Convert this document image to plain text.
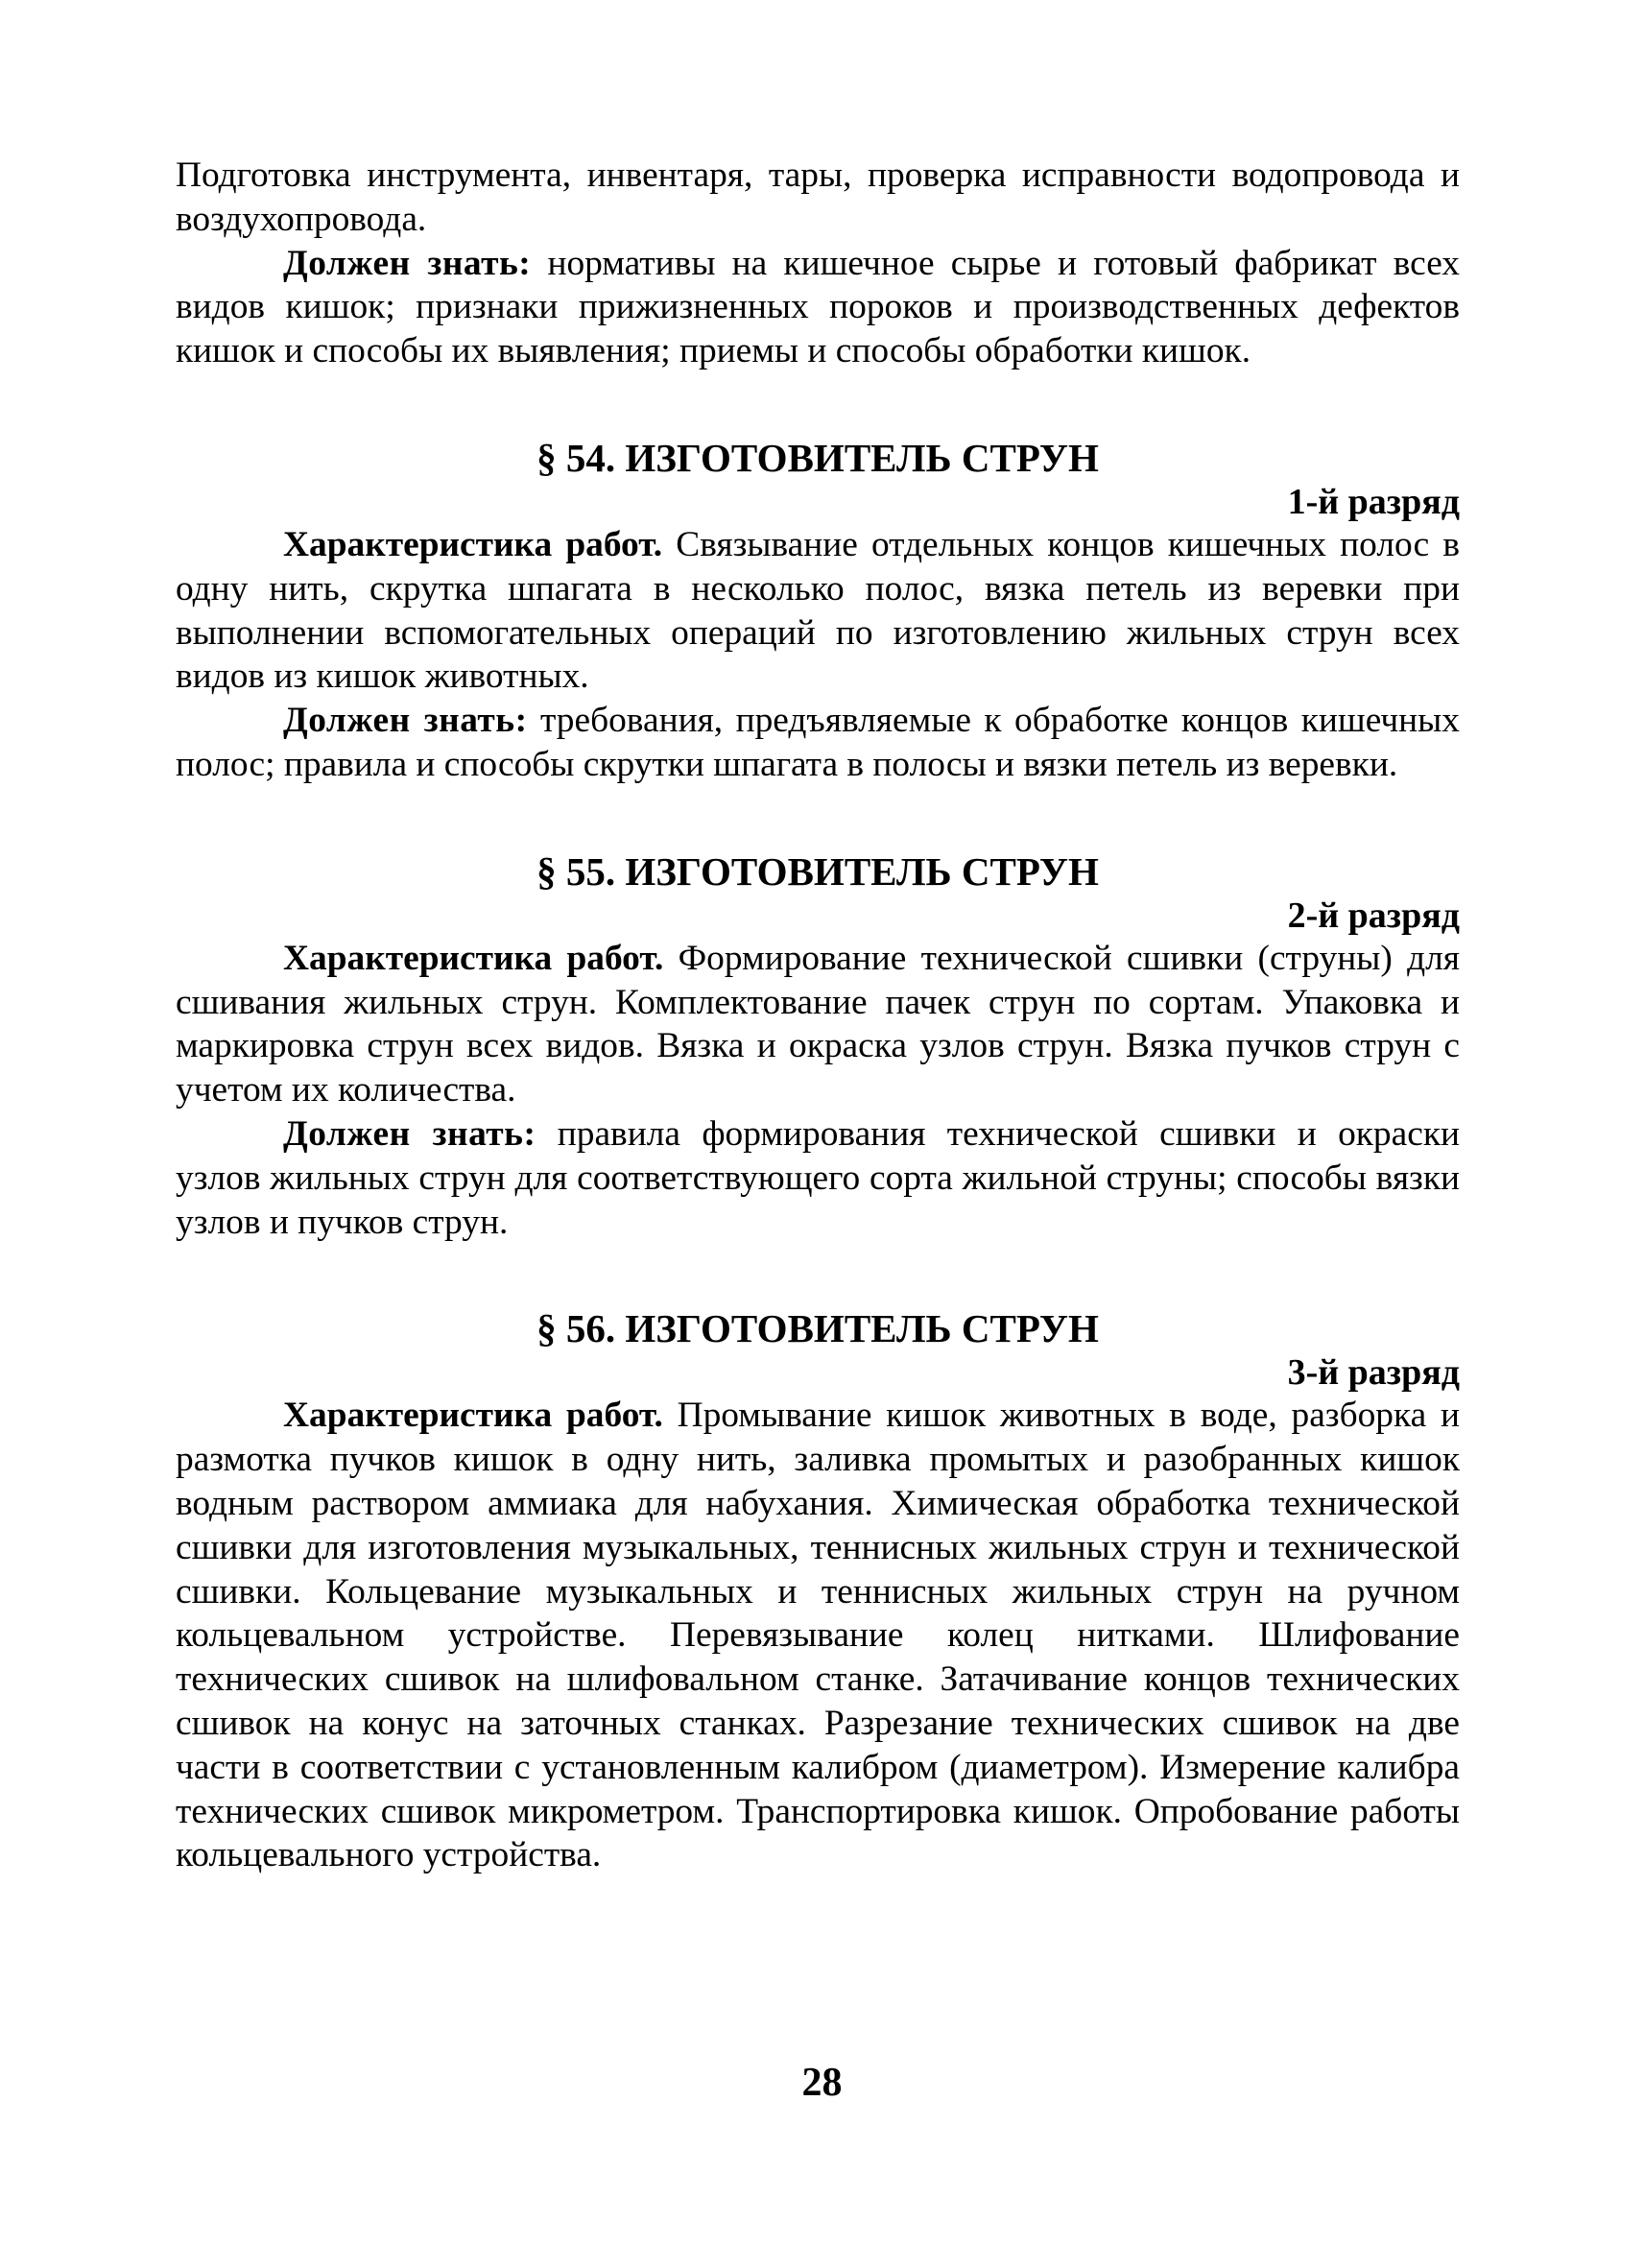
Подготовка инструмента, инвентаря, тары, проверка исправности водопровода и воздухопровода.

Должен знать: нормативы на кишечное сырье и готовый фабрикат всех видов кишок; признаки прижизненных пороков и производственных дефектов кишок и способы их выявления; приемы и способы обработки кишок.

§ 54. ИЗГОТОВИТЕЛЬ СТРУН
1-й разряд

Характеристика работ. Связывание отдельных концов кишечных полос в одну нить, скрутка шпагата в несколько полос, вязка петель из веревки при выполнении вспомогательных операций по изготовлению жильных струн всех видов из кишок животных.

Должен знать: требования, предъявляемые к обработке концов кишечных полос; правила и способы скрутки шпагата в полосы и вязки петель из веревки.

§ 55. ИЗГОТОВИТЕЛЬ СТРУН
2-й разряд

Характеристика работ. Формирование технической сшивки (струны) для сшивания жильных струн. Комплектование пачек струн по сортам. Упаковка и маркировка струн всех видов. Вязка и окраска узлов струн. Вязка пучков струн с учетом их количества.

Должен знать: правила формирования технической сшивки и окраски узлов жильных струн для соответствующего сорта жильной струны; способы вязки узлов и пучков струн.

§ 56. ИЗГОТОВИТЕЛЬ СТРУН
3-й разряд

Характеристика работ. Промывание кишок животных в воде, разборка и размотка пучков кишок в одну нить, заливка промытых и разобранных кишок водным раствором аммиака для набухания. Химическая обработка технической сшивки для изготовления музыкальных, теннисных жильных струн и технической сшивки. Кольцевание музыкальных и теннисных жильных струн на ручном кольцевальном устройстве. Перевязывание колец нитками. Шлифование технических сшивок на шлифовальном станке. Затачивание концов технических сшивок на конус на заточных станках. Разрезание технических сшивок на две части в соответствии с установленным калибром (диаметром). Измерение калибра технических сшивок микрометром. Транспортировка кишок. Опробование работы кольцевального устройства.

28
